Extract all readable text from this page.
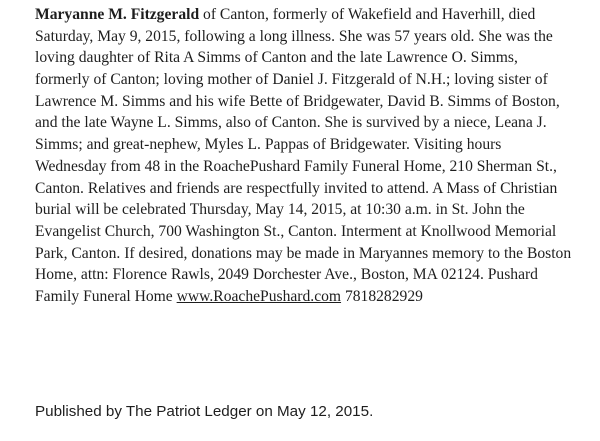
Maryanne M. Fitzgerald of Canton, formerly of Wakefield and Haverhill, died
Saturday, May 9, 2015, following a long illness. She was 57 years old. She was the
loving daughter of Rita A Simms of Canton and the late Lawrence O. Simms,
formerly of Canton; loving mother of Daniel J. Fitzgerald of N.H.; loving sister of
Lawrence M. Simms and his wife Bette of Bridgewater, David B. Simms of Boston,
and the late Wayne L. Simms, also of Canton. She is survived by a niece, Leana J.
Simms; and great-nephew, Myles L. Pappas of Bridgewater. Visiting hours
Wednesday from 48 in the RoachePushard Family Funeral Home, 210 Sherman St.,
Canton. Relatives and friends are respectfully invited to attend. A Mass of Christian
burial will be celebrated Thursday, May 14, 2015, at 10:30 a.m. in St. John the
Evangelist Church, 700 Washington St., Canton. Interment at Knollwood Memorial
Park, Canton. If desired, donations may be made in Maryannes memory to the Boston
Home, attn: Florence Rawls, 2049 Dorchester Ave., Boston, MA 02124. Pushard
Family Funeral Home www.RoachePushard.com 7818282929
Published by The Patriot Ledger on May 12, 2015.
